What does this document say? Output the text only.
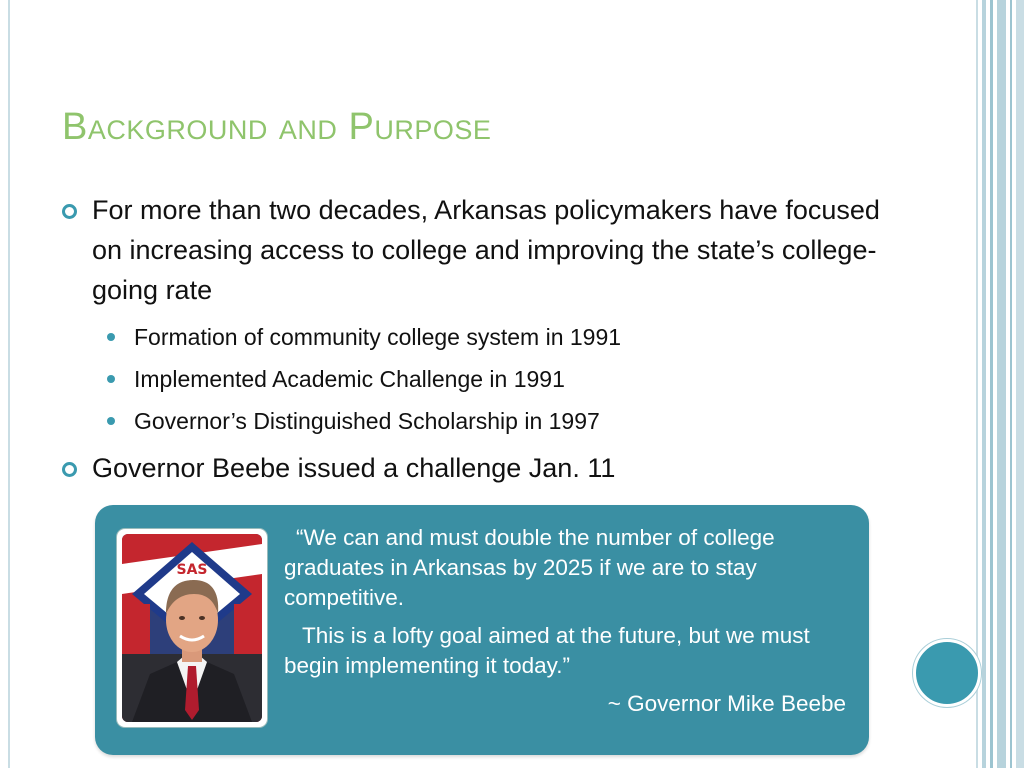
Background and Purpose
For more than two decades, Arkansas policymakers have focused on increasing access to college and improving the state’s college-going rate
Formation of community college system in 1991
Implemented Academic Challenge in 1991
Governor’s Distinguished Scholarship in 1997
Governor Beebe issued a challenge Jan. 11
SAS

“We can and must double the number of college graduates in Arkansas by 2025 if we are to stay competitive.

This is a lofty goal aimed at the future, but we must begin implementing it today.”

~ Governor Mike Beebe
